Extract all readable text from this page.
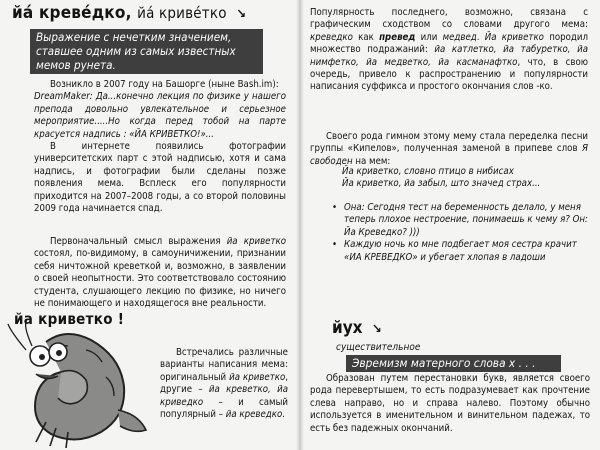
йа́ креве́дко, йа́ криве́тко ↘
Выражение с нечетким значением, ставшее одним из самых известных мемов рунета.

Возникло в 2007 году на Башорге (нынe Bash.im):

DreamMaker: Да...конечно лекция по физике у нашего препода довольно увлекательное и серьезное мероприятие.....Но когда перед тобой на парте красуется надпись : «ЙА КРИВЕТКО!»...

В интернете появились фотографии университетских парт с этой надписью, хотя и сама надпись, и фотографии были сделаны позже появления мема. Всплеск его популярности приходится на 2007–2008 годы, а со второй половины 2009 года начинается спад.

Первоначальный смысл выражения йа криветко состоял, по-видимому, в самоуничижении, признании себя ничтожной креветкой и, возможно, в заявлении о своей неопытности. Это соответствовало состоянию студента, слушающего лекцию по физике, но ничего не понимающего и находящегося вне реальности.

Встречались различные варианты написания мема: оригинальный йа криветко, другие – йа креветко, йа криведко – и самый популярный – йа креведко.

йа криветко !

Популярность последнего, возможно, связана с графическим сходством со словами другого мема: креведко как превед или медвед. Йа криветко породил множество подражаний: йа катлетко, йа табуретко, йа нимфетко, йа медветко, йа касманафтко, что, в свою очередь, привело к распространению и популярности написания суффикса и простого окончания слов -ко.

Своего рода гимном этому мему стала переделка песни группы «Кипелов», полученная заменой в припеве слов Я свободен на мем:

Йа криветко, словно птицо в нибисах
Йа криветко, йа забыл, што значед страх...
• Она: Сегодня тест на беременность делало, у меня теперь плохое нестроение, понимаешь к чему я? Он: Йа Креведко? )))
• Каждую ночь ко мне подбегает моя сестра крачит «ИА КРЕВЕДКО» и убегает хлопая в ладоши
йух ↘
существительное
Эвремизм матерного слова х . . .

Образован путем перестановки букв, является своего рода перевертышем, то есть подразумевает как прочтение слева направо, но и справа налево. Поэтому обычно используется в именительном и винительном падежах, то есть без падежных окончаний.
